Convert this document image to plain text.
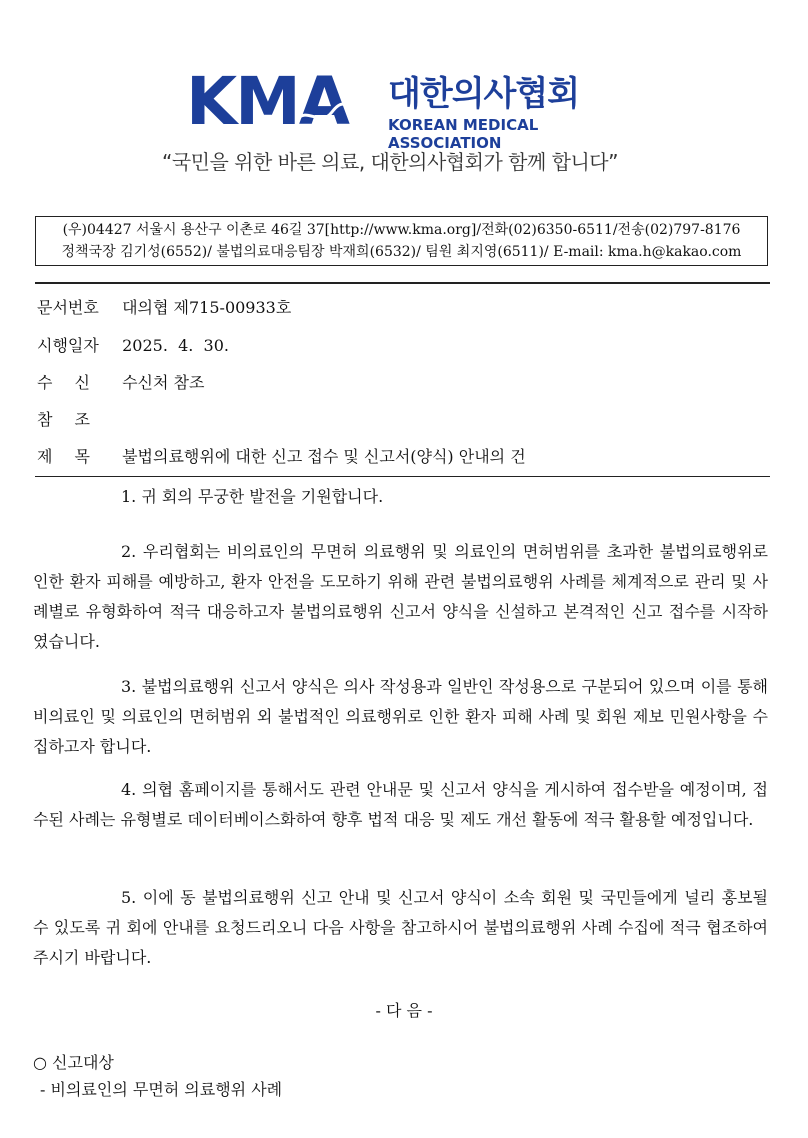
KMA 대한의사협회
KOREAN MEDICAL ASSOCIATION
“국민을 위한 바른 의료, 대한의사협회가 함께 합니다”
(우)04427 서울시 용산구 이촌로 46길 37[http://www.kma.org]/전화(02)6350-6511/전송(02)797-8176
정책국장 김기성(6552)/ 불법의료대응팀장 박재희(6532)/ 팀원 최지영(6511)/ E-mail: kma.h@kakao.com
문서번호 대의협 제715-00933호
시행일자 2025.  4.  30.
수신 수신처 참조
참조
제목 불법의료행위에 대한 신고 접수 및 신고서(양식) 안내의 건

1. 귀 회의 무궁한 발전을 기원합니다.

2. 우리협회는 비의료인의 무면허 의료행위 및 의료인의 면허범위를 초과한 불법의료행위로 인한 환자 피해를 예방하고, 환자 안전을 도모하기 위해 관련 불법의료행위 사례를 체계적으로 관리 및 사례별로 유형화하여 적극 대응하고자 불법의료행위 신고서 양식을 신설하고 본격적인 신고 접수를 시작하였습니다.

3. 불법의료행위 신고서 양식은 의사 작성용과 일반인 작성용으로 구분되어 있으며 이를 통해 비의료인 및 의료인의 면허범위 외 불법적인 의료행위로 인한 환자 피해 사례 및 회원 제보 민원사항을 수집하고자 합니다.

4. 의협 홈페이지를 통해서도 관련 안내문 및 신고서 양식을 게시하여 접수받을 예정이며, 접수된 사례는 유형별로 데이터베이스화하여 향후 법적 대응 및 제도 개선 활동에 적극 활용할 예정입니다.

5. 이에 동 불법의료행위 신고 안내 및 신고서 양식이 소속 회원 및 국민들에게 널리 홍보될 수 있도록 귀 회에 안내를 요청드리오니 다음 사항을 참고하시어 불법의료행위 사례 수집에 적극 협조하여 주시기 바랍니다.

- 다 음 -
○ 신고대상
- 비의료인의 무면허 의료행위 사례
